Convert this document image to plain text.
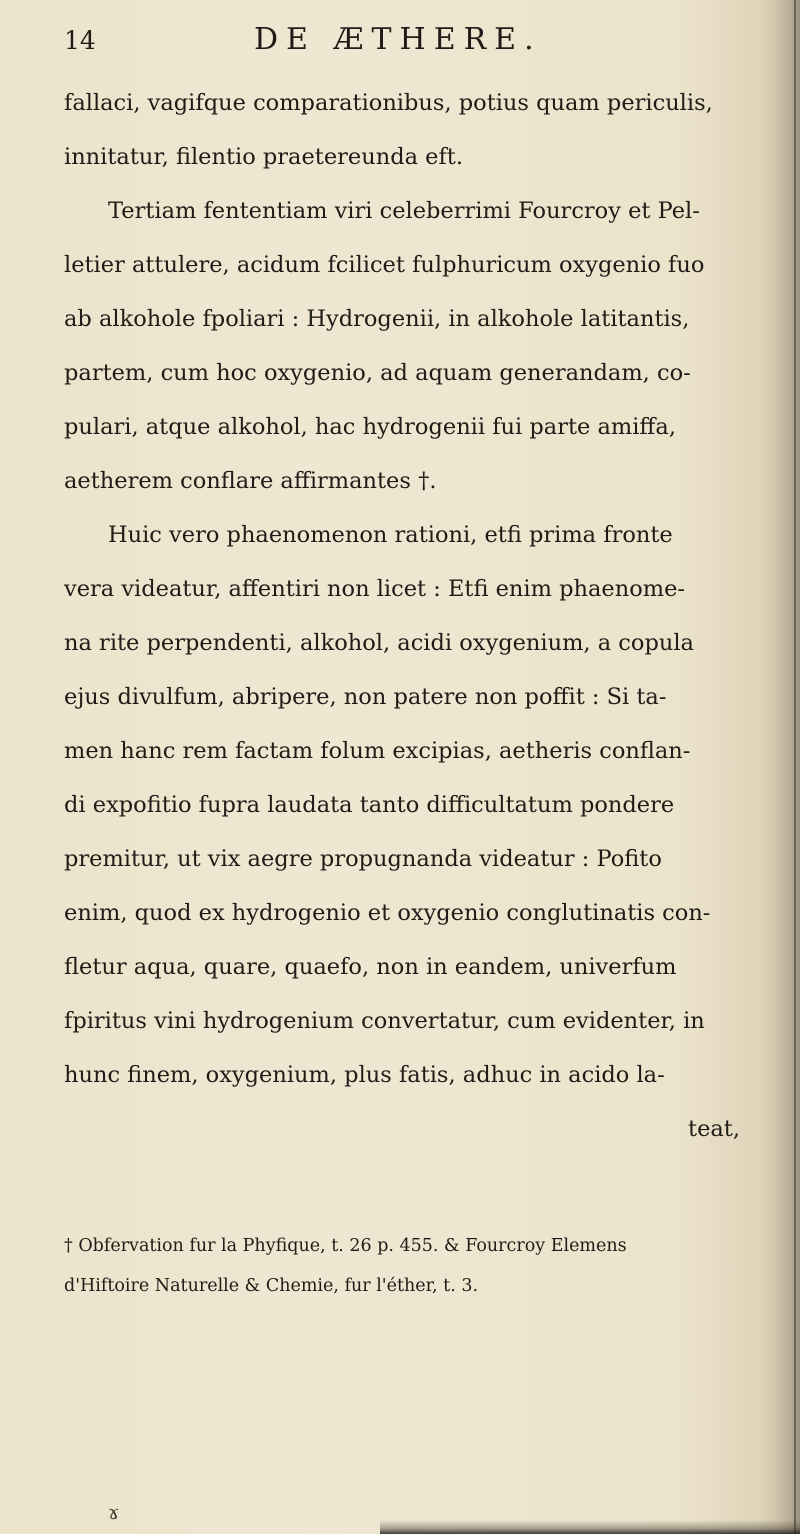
14	DE ÆTHERE.
fallaci, vagifque comparationibus, potius quam periculis,
innitatur, filentio praetereunda eft.
Tertiam fententiam viri celeberrimi Fourcroy et Pel-
letier attulere, acidum fcilicet fulphuricum oxygenio fuo
ab alkohole fpoliari : Hydrogenii, in alkohole latitantis,
partem, cum hoc oxygenio, ad aquam generandam, co-
pulari, atque alkohol, hac hydrogenii fui parte amiffa,
aetherem conflare affirmantes †.
Huic vero phaenomenon rationi, etfi prima fronte
vera videatur, affentiri non licet : Etfi enim phaenome-
na rite perpendenti, alkohol, acidi oxygenium, a copula
ejus divulfum, abripere, non patere non poffit : Si ta-
men hanc rem factam folum excipias, aetheris conflan-
di expofitio fupra laudata tanto difficultatum pondere
premitur, ut vix aegre propugnanda videatur : Pofito
enim, quod ex hydrogenio et oxygenio conglutinatis con-
fletur aqua, quare, quaefo, non in eandem, univerfum
fpiritus vini hydrogenium convertatur, cum evidenter, in
hunc finem, oxygenium, plus fatis, adhuc in acido la-
teat,
† Obfervation fur la Phyfique, t. 26 p. 455. & Fourcroy Elemens
d'Hiftoire Naturelle & Chemie, fur l'éther, t. 3.
ɤ
